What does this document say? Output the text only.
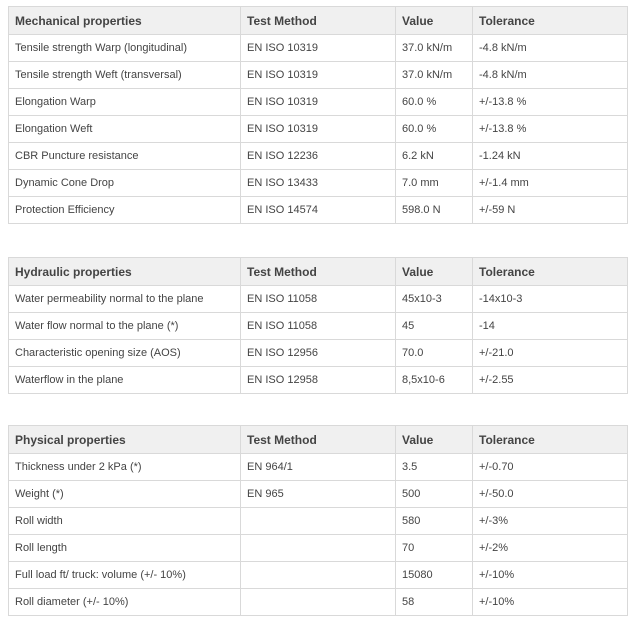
Mechanical properties	Test Method	Value	Tolerance
Tensile strength Warp (longitudinal)	EN ISO 10319	37.0 kN/m	-4.8 kN/m
Tensile strength Weft (transversal)	EN ISO 10319	37.0 kN/m	-4.8 kN/m
Elongation Warp	EN ISO 10319	60.0 %	+/-13.8 %
Elongation Weft	EN ISO 10319	60.0 %	+/-13.8 %
CBR Puncture resistance	EN ISO 12236	6.2 kN	-1.24 kN
Dynamic Cone Drop	EN ISO 13433	7.0 mm	+/-1.4 mm
Protection Efficiency	EN ISO 14574	598.0 N	+/-59 N
Hydraulic properties	Test Method	Value	Tolerance
Water permeability normal to the plane	EN ISO 11058	45x10-3	-14x10-3
Water flow normal to the plane (*)	EN ISO 11058	45	-14
Characteristic opening size (AOS)	EN ISO 12956	70.0	+/-21.0
Waterflow in the plane	EN ISO 12958	8,5x10-6	+/-2.55
Physical properties	Test Method	Value	Tolerance
Thickness under 2 kPa (*)	EN 964/1	3.5	+/-0.70
Weight (*)	EN 965	500	+/-50.0
Roll width		580	+/-3%
Roll length		70	+/-2%
Full load ft/ truck: volume (+/- 10%)		15080	+/-10%
Roll diameter (+/- 10%)		58	+/-10%
